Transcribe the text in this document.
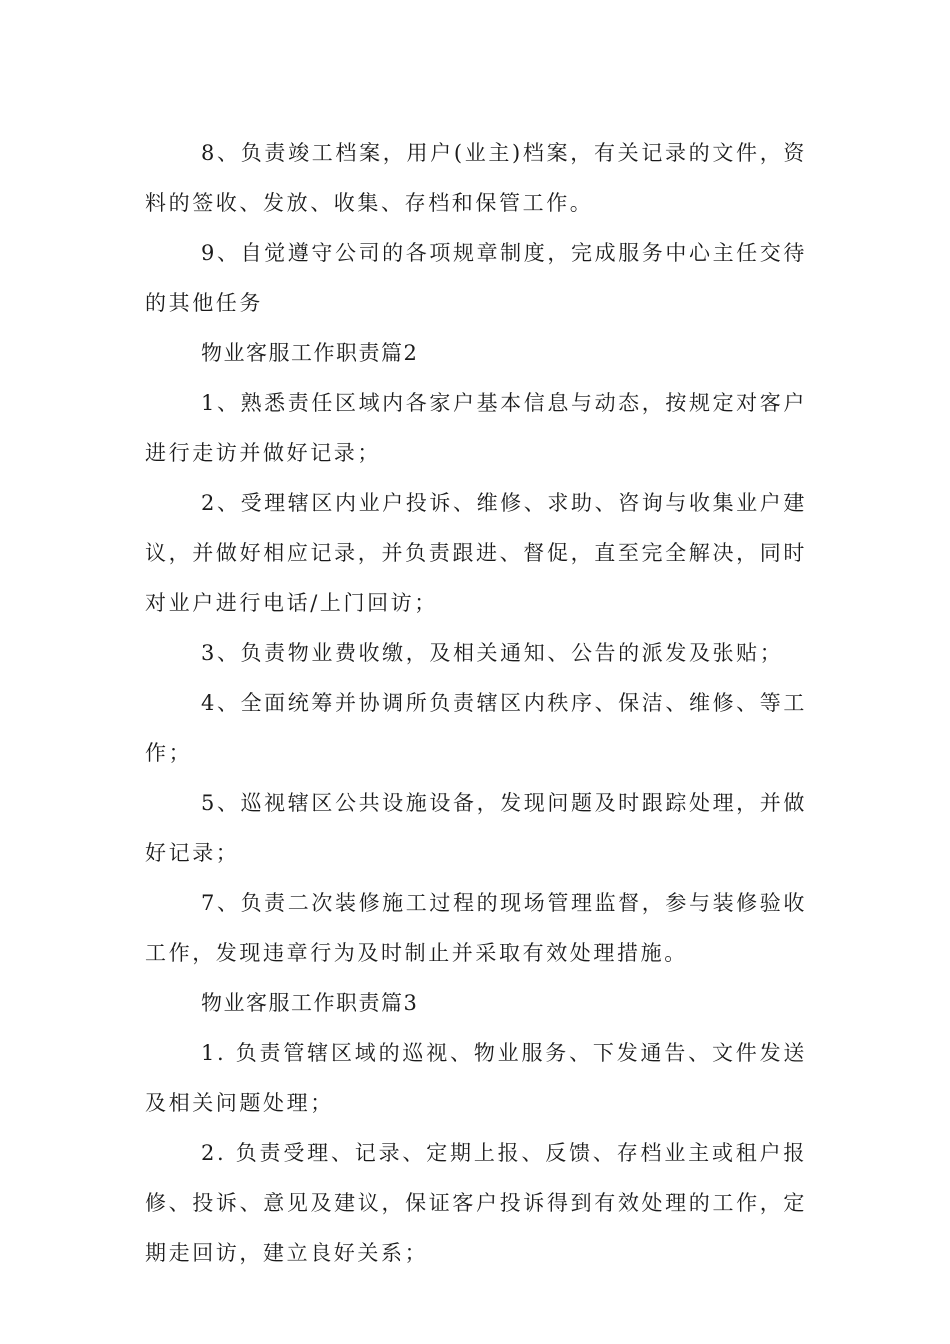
8、负责竣工档案，用户(业主)档案，有关记录的文件，资料的签收、发放、收集、存档和保管工作。

9、自觉遵守公司的各项规章制度，完成服务中心主任交待的其他任务

物业客服工作职责篇2

1、熟悉责任区域内各家户基本信息与动态，按规定对客户进行走访并做好记录；

2、受理辖区内业户投诉、维修、求助、咨询与收集业户建议，并做好相应记录，并负责跟进、督促，直至完全解决，同时对业户进行电话/上门回访；

3、负责物业费收缴，及相关通知、公告的派发及张贴；

4、全面统筹并协调所负责辖区内秩序、保洁、维修、等工作；

5、巡视辖区公共设施设备，发现问题及时跟踪处理，并做好记录；

7、负责二次装修施工过程的现场管理监督，参与装修验收工作，发现违章行为及时制止并采取有效处理措施。

物业客服工作职责篇3

1. 负责管辖区域的巡视、物业服务、下发通告、文件发送及相关问题处理；

2. 负责受理、记录、定期上报、反馈、存档业主或租户报修、投诉、意见及建议，保证客户投诉得到有效处理的工作，定期走回访，建立良好关系；
